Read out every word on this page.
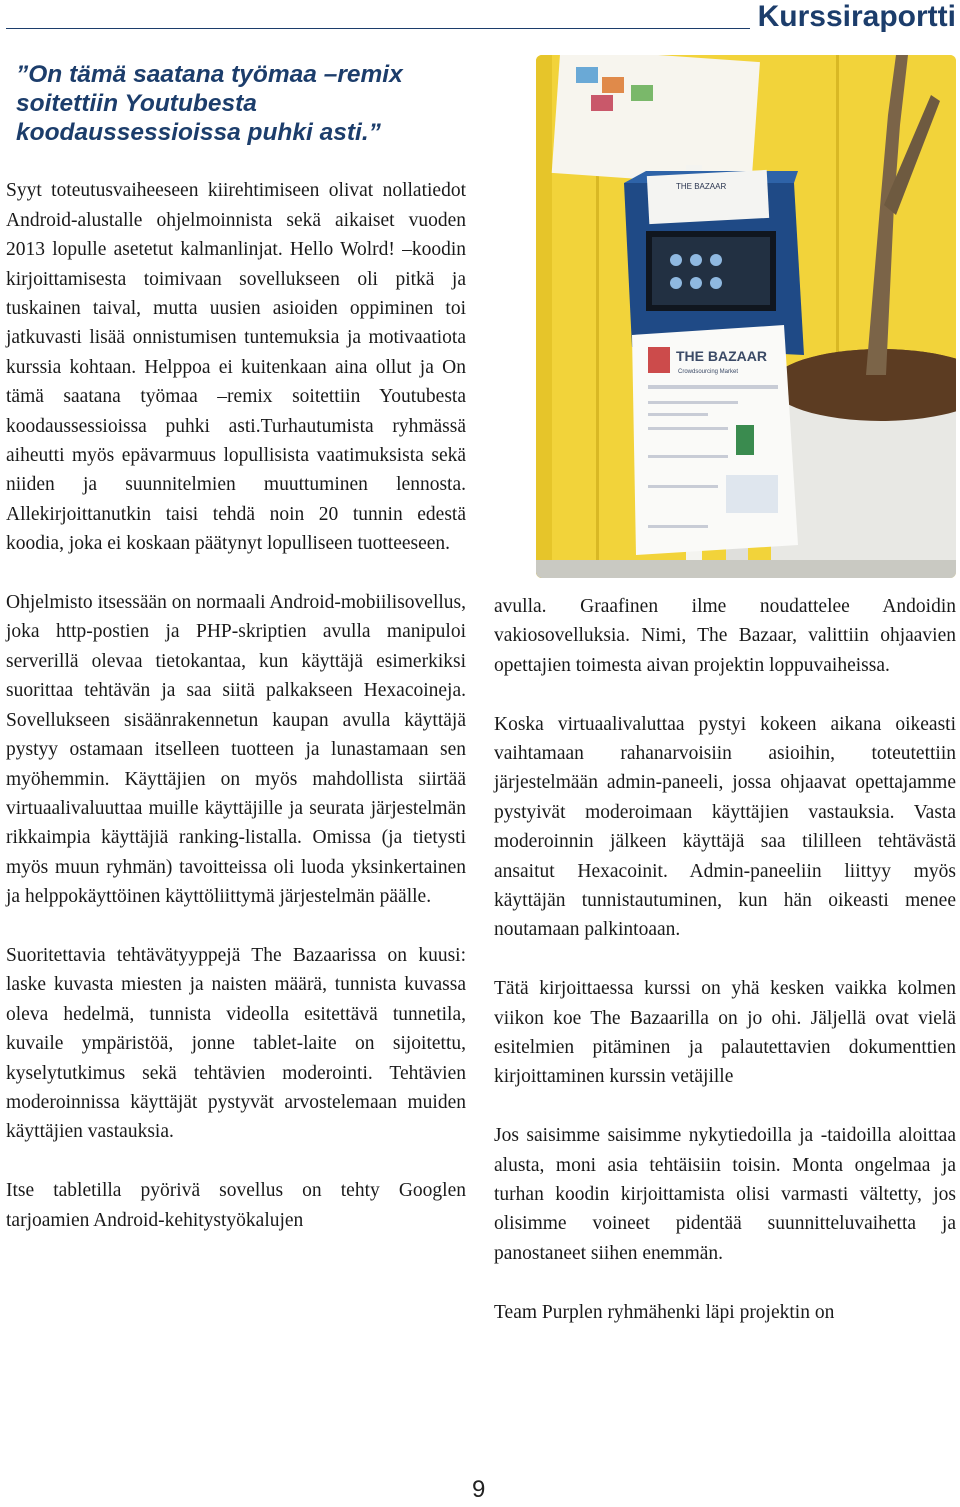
Kurssiraportti

”On tämä saatana työmaa –remix soitettiin Youtubesta koodaussessioissa puhki asti.”

Syyt toteutusvaiheeseen kiirehtimiseen olivat nollatiedot Android-alustalle ohjelmoinnista sekä aikaiset vuoden 2013 lopulle asetetut kalmanlinjat. Hello Wolrd! –koodin kirjoittamisesta toimivaan sovellukseen oli pitkä ja tuskainen taival, mutta uusien asioiden oppiminen toi jatkuvasti lisää onnistumisen tuntemuksia ja motivaatiota kurssia kohtaan. Helppoa ei kuitenkaan aina ollut ja On tämä saatana työmaa –remix soitettiin Youtubesta koodaussessioissa puhki asti.Turhautumista ryhmässä aiheutti myös epävarmuus lopullisista vaatimuksista sekä niiden ja suunnitelmien muuttuminen lennosta. Allekirjoittanutkin taisi tehdä noin 20 tunnin edestä koodia, joka ei koskaan päätynyt lopulliseen tuotteeseen.

Ohjelmisto itsessään on normaali Android-mobiilisovellus, joka http-postien ja PHP-skriptien avulla manipuloi serverillä olevaa tietokantaa, kun käyttäjä esimerkiksi suorittaa tehtävän ja saa siitä palkakseen Hexacoineja. Sovellukseen sisäänrakennetun kaupan avulla käyttäjä pystyy ostamaan itselleen tuotteen ja lunastamaan sen myöhemmin. Käyttäjien on myös mahdollista siirtää virtuaalivaluuttaa muille käyttäjille ja seurata järjestelmän rikkaimpia käyttäjiä ranking-listalla. Omissa (ja tietysti myös muun ryhmän) tavoitteissa oli luoda yksinkertainen ja helppokäyttöinen käyttöliittymä järjestelmän päälle.

Suoritettavia tehtävätyyppejä The Bazaarissa on kuusi: laske kuvasta miesten ja naisten määrä, tunnista kuvassa oleva hedelmä, tunnista videolla esitettävä tunnetila, kuvaile ympäristöä, jonne tablet-laite on sijoitettu, kyselytutkimus sekä tehtävien moderointi. Tehtävien moderoinnissa käyttäjät pystyvät arvostelemaan muiden käyttäjien vastauksia.

Itse tabletilla pyörivä sovellus on tehty Googlen tarjoamien Android-kehitystyökalujen

THE BAZAAR
THE BAZAAR
Crowdsourcing Market

avulla. Graafinen ilme noudattelee Andoidin vakiosovelluksia. Nimi, The Bazaar, valittiin ohjaavien opettajien toimesta aivan projektin loppuvaiheissa.

Koska virtuaalivaluttaa pystyi kokeen aikana oikeasti vaihtamaan rahanarvoisiin asioihin, toteutettiin järjestelmään admin-paneeli, jossa ohjaavat opettajamme pystyivät moderoimaan käyttäjien vastauksia. Vasta moderoinnin jälkeen käyttäjä saa tililleen tehtävästä ansaitut Hexacoinit. Admin-paneeliin liittyy myös käyttäjän tunnistautuminen, kun hän oikeasti menee noutamaan palkintoaan.

Tätä kirjoittaessa kurssi on yhä kesken vaikka kolmen viikon koe The Bazaarilla on jo ohi. Jäljellä ovat vielä esitelmien pitäminen ja palautettavien dokumenttien kirjoittaminen kurssin vetäjille

Jos saisimme saisimme nykytiedoilla ja -taidoilla aloittaa alusta, moni asia tehtäisiin toisin. Monta ongelmaa ja turhan koodin kirjoittamista olisi varmasti vältetty, jos olisimme voineet pidentää suunnitteluvaihetta ja panostaneet siihen enemmän.

Team Purplen ryhmähenki läpi projektin on

9
